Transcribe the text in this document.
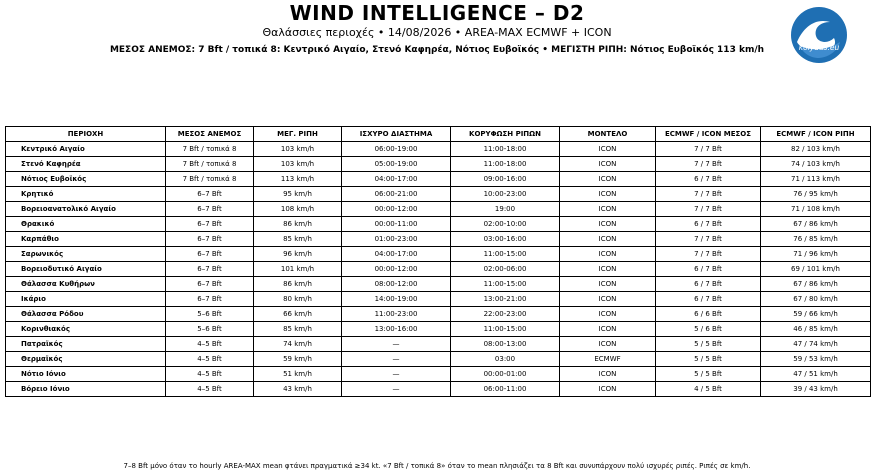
WIND INTELLIGENCE – D2
Θαλάσσιες περιοχές • 14/08/2026 • AREA-MAX ECMWF + ICON
ΜΕΣΟΣ ΑΝΕΜΟΣ: 7 Bft / τοπικά 8: Κεντρικό Αιγαίο, Στενό Καφηρέα, Νότιος Ευβοϊκός • ΜΕΓΙΣΤΗ ΡΙΠΗ: Νότιος Ευβοϊκός 113 km/h	kolydas.eu
ΠΕΡΙΟΧΗ	ΜΕΣΟΣ ΑΝΕΜΟΣ	ΜΕΓ. ΡΙΠΗ	ΙΣΧΥΡΟ ΔΙΑΣΤΗΜΑ	ΚΟΡΥΦΩΣΗ ΡΙΠΩΝ	ΜΟΝΤΕΛΟ	ECMWF / ICON ΜΕΣΟΣ	ECMWF / ICON ΡΙΠΗ
Κεντρικό Αιγαίο	7 Bft / τοπικά 8	103 km/h	06:00-19:00	11:00-18:00	ICON	7 / 7 Bft	82 / 103 km/h
Στενό Καφηρέα	7 Bft / τοπικά 8	103 km/h	05:00-19:00	11:00-18:00	ICON	7 / 7 Bft	74 / 103 km/h
Νότιος Ευβοϊκός	7 Bft / τοπικά 8	113 km/h	04:00-17:00	09:00-16:00	ICON	6 / 7 Bft	71 / 113 km/h
Κρητικό	6–7 Bft	95 km/h	06:00-21:00	10:00-23:00	ICON	7 / 7 Bft	76 / 95 km/h
Βορειοανατολικό Αιγαίο	6–7 Bft	108 km/h	00:00-12:00	19:00	ICON	7 / 7 Bft	71 / 108 km/h
Θρακικό	6–7 Bft	86 km/h	00:00-11:00	02:00-10:00	ICON	6 / 7 Bft	67 / 86 km/h
Καρπάθιο	6–7 Bft	85 km/h	01:00-23:00	03:00-16:00	ICON	7 / 7 Bft	76 / 85 km/h
Σαρωνικός	6–7 Bft	96 km/h	04:00-17:00	11:00-15:00	ICON	7 / 7 Bft	71 / 96 km/h
Βορειοδυτικό Αιγαίο	6–7 Bft	101 km/h	00:00-12:00	02:00-06:00	ICON	6 / 7 Bft	69 / 101 km/h
Θάλασσα Κυθήρων	6–7 Bft	86 km/h	08:00-12:00	11:00-15:00	ICON	6 / 7 Bft	67 / 86 km/h
Ικάριο	6–7 Bft	80 km/h	14:00-19:00	13:00-21:00	ICON	6 / 7 Bft	67 / 80 km/h
Θάλασσα Ρόδου	5–6 Bft	66 km/h	11:00-23:00	22:00-23:00	ICON	6 / 6 Bft	59 / 66 km/h
Κορινθιακός	5–6 Bft	85 km/h	13:00-16:00	11:00-15:00	ICON	5 / 6 Bft	46 / 85 km/h
Πατραϊκός	4–5 Bft	74 km/h	—	08:00-13:00	ICON	5 / 5 Bft	47 / 74 km/h
Θερμαϊκός	4–5 Bft	59 km/h	—	03:00	ECMWF	5 / 5 Bft	59 / 53 km/h
Νότιο Ιόνιο	4–5 Bft	51 km/h	—	00:00-01:00	ICON	5 / 5 Bft	47 / 51 km/h
Βόρειο Ιόνιο	4–5 Bft	43 km/h	—	06:00-11:00	ICON	4 / 5 Bft	39 / 43 km/h
7–8 Bft μόνο όταν το hourly AREA-MAX mean φτάνει πραγματικά ≥34 kt. «7 Bft / τοπικά 8» όταν το mean πλησιάζει τα 8 Bft και συνυπάρχουν πολύ ισχυρές ριπές. Ριπές σε km/h.
